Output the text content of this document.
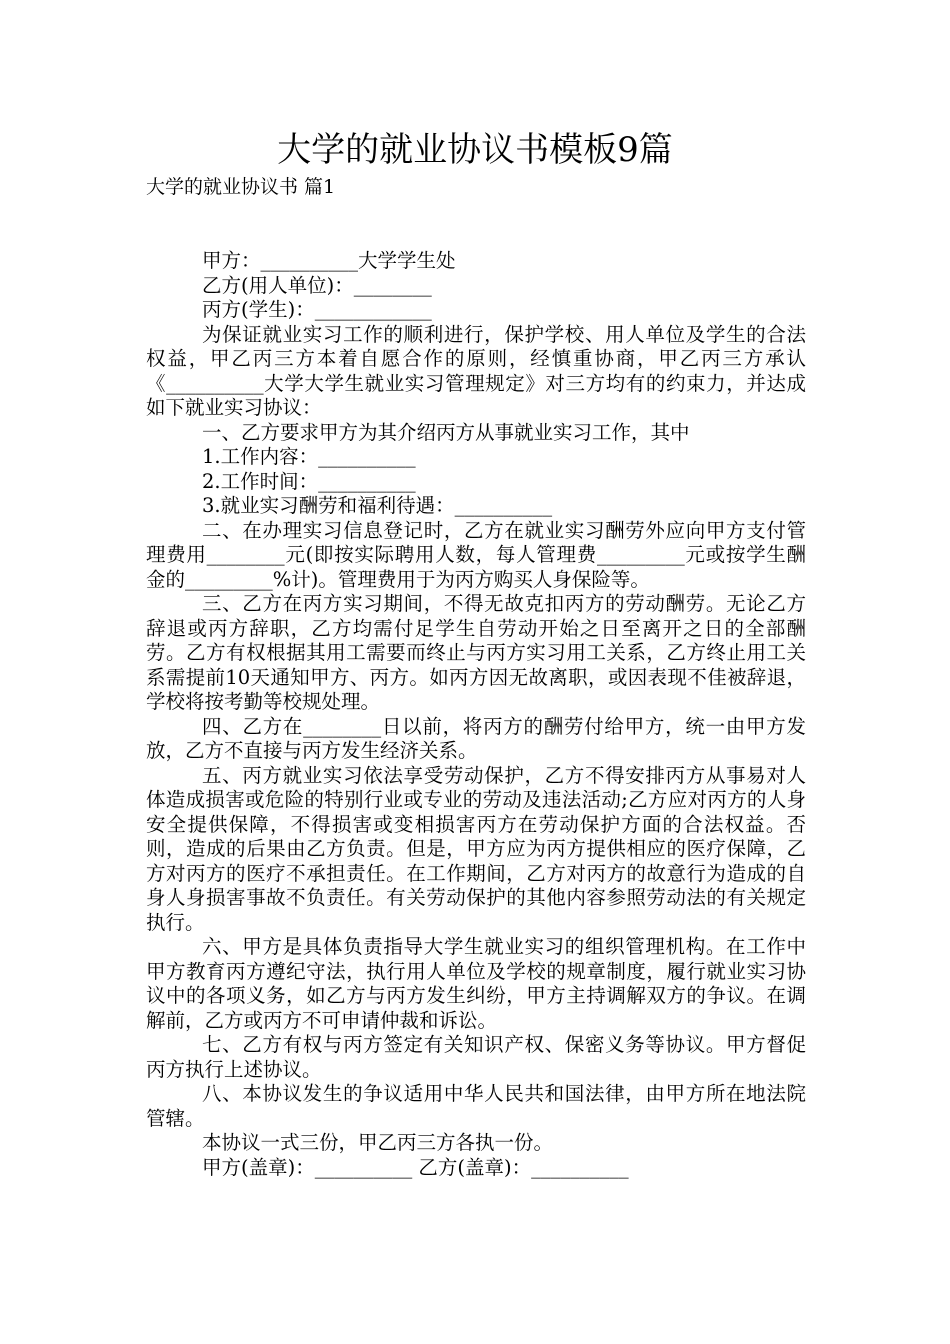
大学的就业协议书模板9篇
大学的就业协议书 篇1

甲方：__________大学学生处

乙方(用人单位)：________

丙方(学生)：____________

为保证就业实习工作的顺利进行，保护学校、用人单位及学生的合法权益，甲乙丙三方本着自愿合作的原则，经慎重协商，甲乙丙三方承认《__________大学大学生就业实习管理规定》对三方均有的约束力，并达成如下就业实习协议：

一、乙方要求甲方为其介绍丙方从事就业实习工作，其中

1.工作内容：__________

2.工作时间：__________

3.就业实习酬劳和福利待遇：__________

二、在办理实习信息登记时，乙方在就业实习酬劳外应向甲方支付管理费用________元(即按实际聘用人数，每人管理费_________元或按学生酬金的_________%计)。管理费用于为丙方购买人身保险等。

三、乙方在丙方实习期间，不得无故克扣丙方的劳动酬劳。无论乙方辞退或丙方辞职，乙方均需付足学生自劳动开始之日至离开之日的全部酬劳。乙方有权根据其用工需要而终止与丙方实习用工关系，乙方终止用工关系需提前10天通知甲方、丙方。如丙方因无故离职，或因表现不佳被辞退，学校将按考勤等校规处理。

四、乙方在________日以前，将丙方的酬劳付给甲方，统一由甲方发放，乙方不直接与丙方发生经济关系。

五、丙方就业实习依法享受劳动保护，乙方不得安排丙方从事易对人体造成损害或危险的特别行业或专业的劳动及违法活动;乙方应对丙方的人身安全提供保障，不得损害或变相损害丙方在劳动保护方面的合法权益。否则，造成的后果由乙方负责。但是，甲方应为丙方提供相应的医疗保障，乙方对丙方的医疗不承担责任。在工作期间，乙方对丙方的故意行为造成的自身人身损害事故不负责任。有关劳动保护的其他内容参照劳动法的有关规定执行。

六、甲方是具体负责指导大学生就业实习的组织管理机构。在工作中甲方教育丙方遵纪守法，执行用人单位及学校的规章制度，履行就业实习协议中的各项义务，如乙方与丙方发生纠纷，甲方主持调解双方的争议。在调解前，乙方或丙方不可申请仲裁和诉讼。

七、乙方有权与丙方签定有关知识产权、保密义务等协议。甲方督促丙方执行上述协议。

八、本协议发生的争议适用中华人民共和国法律，由甲方所在地法院管辖。

本协议一式三份，甲乙丙三方各执一份。

甲方(盖章)：__________ 乙方(盖章)：__________
